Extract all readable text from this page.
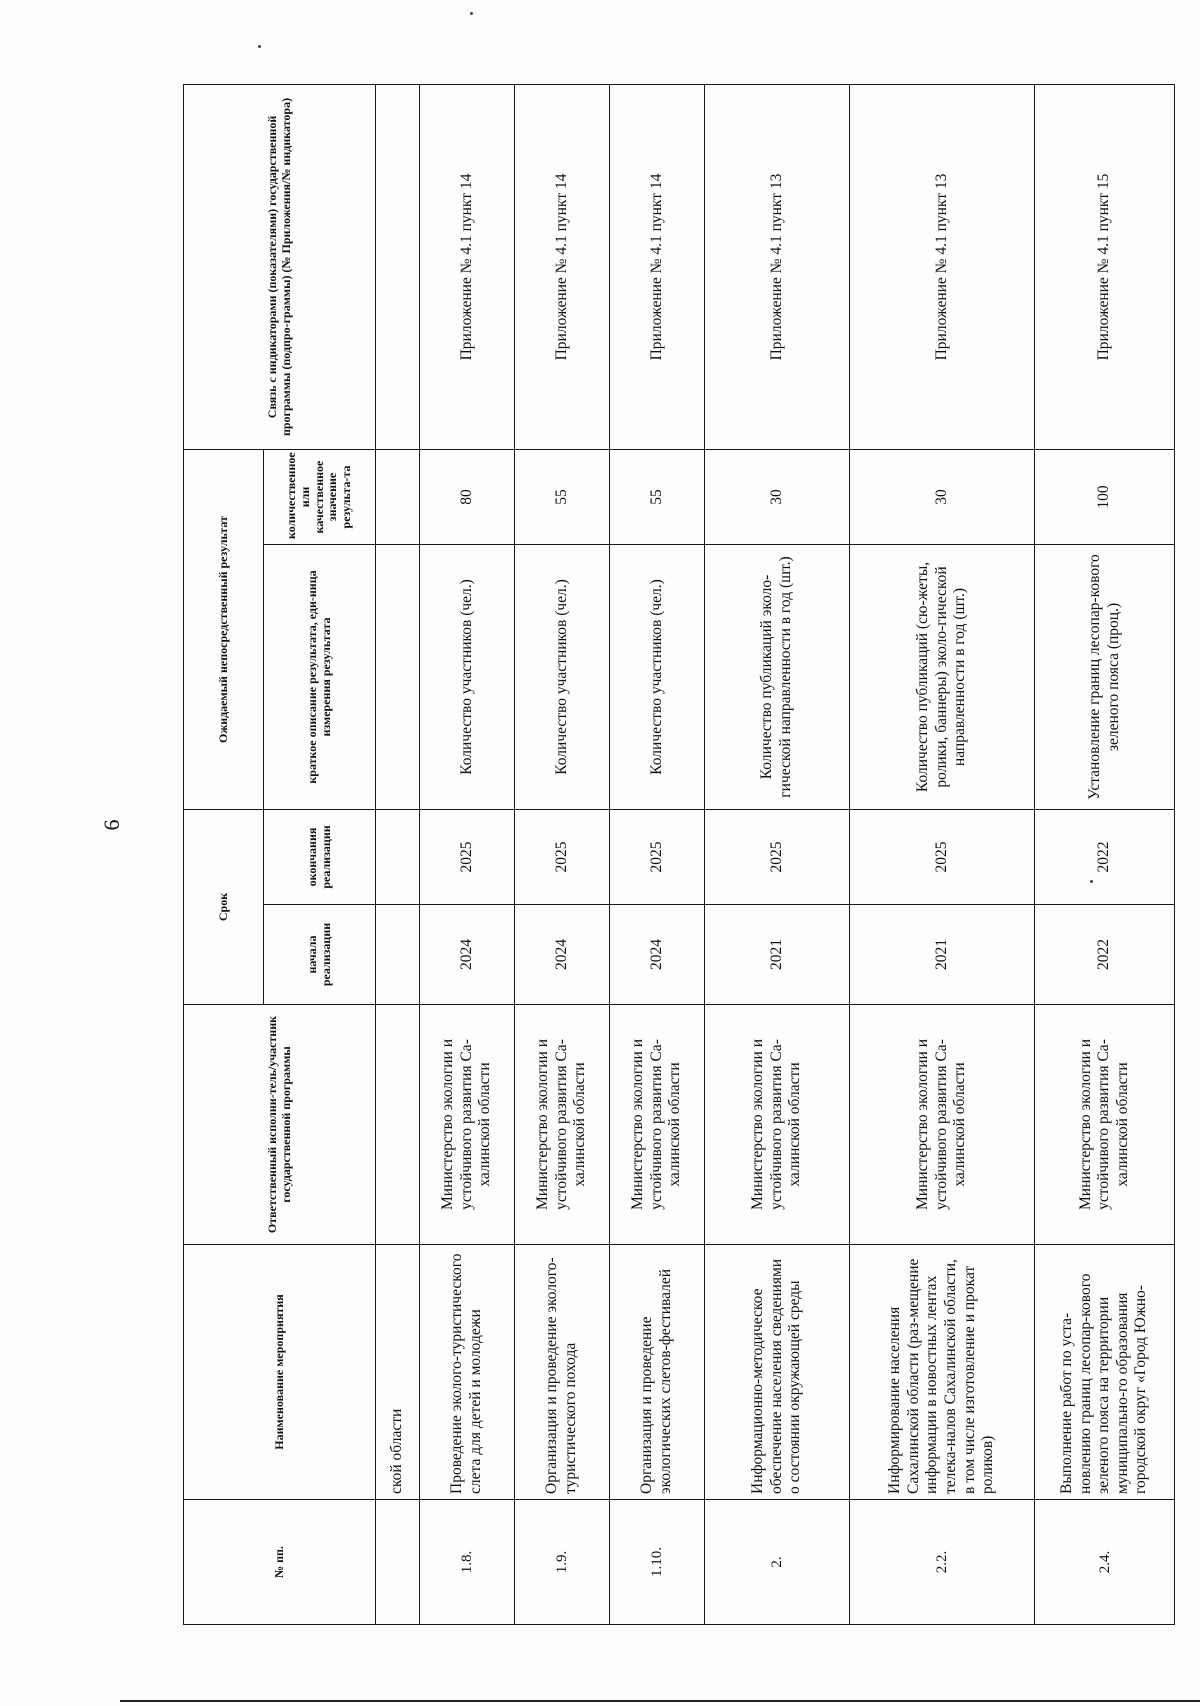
6
№ пп.	Наименование мероприятия	Ответственный исполни-тель/участник государственной программы	Срок		Ожидаемый непосредственный результат		Связь с индикаторами (показателями) государственной программы (подпро-граммы) (№ Приложения/№ индикатора)
			начала реализации	окончания реализации	краткое описание результата, еди-ница измерения результата	количественное или качественное значение результа-та	
	ской области						
1.8.	Проведение эколого-туристического слета для детей и молодежи	Министерство экологии и устойчивого развития Са-халинской области	2024	2025	Количество участников (чел.)	80	Приложение № 4.1 пункт 14
1.9.	Организация и проведение эколого-туристического похода	Министерство экологии и устойчивого развития Са-халинской области	2024	2025	Количество участников (чел.)	55	Приложение № 4.1 пункт 14
1.10.	Организация и проведение экологических слетов-фестивалей	Министерство экологии и устойчивого развития Са-халинской области	2024	2025	Количество участников (чел.)	55	Приложение № 4.1 пункт 14
2.	Информационно-методическое обеспечение населения сведениями о состоянии окружающей среды	Министерство экологии и устойчивого развития Са-халинской области	2021	2025	Количество публикаций эколо-гической направленности в год (шт.)	30	Приложение № 4.1 пункт 13
2.2.	Информирование населения Сахалинской области (раз-мещение информации в новостных лентах телека-налов Сахалинской области, в том числе изготовление и прокат роликов)	Министерство экологии и устойчивого развития Са-халинской области	2021	2025	Количество публикаций (сю-жеты, ролики, баннеры) эколо-гической направленности в год (шт.)	30	Приложение № 4.1 пункт 13
2.4.	Выполнение работ по уста-новлению границ лесопар-кового зеленого пояса на территории муниципально-го образования городской округ «Город Южно-	Министерство экологии и устойчивого развития Са-халинской области	2022	2022	Установление границ лесопар-кового зеленого пояса (проц.)	100	Приложение № 4.1 пункт 15
